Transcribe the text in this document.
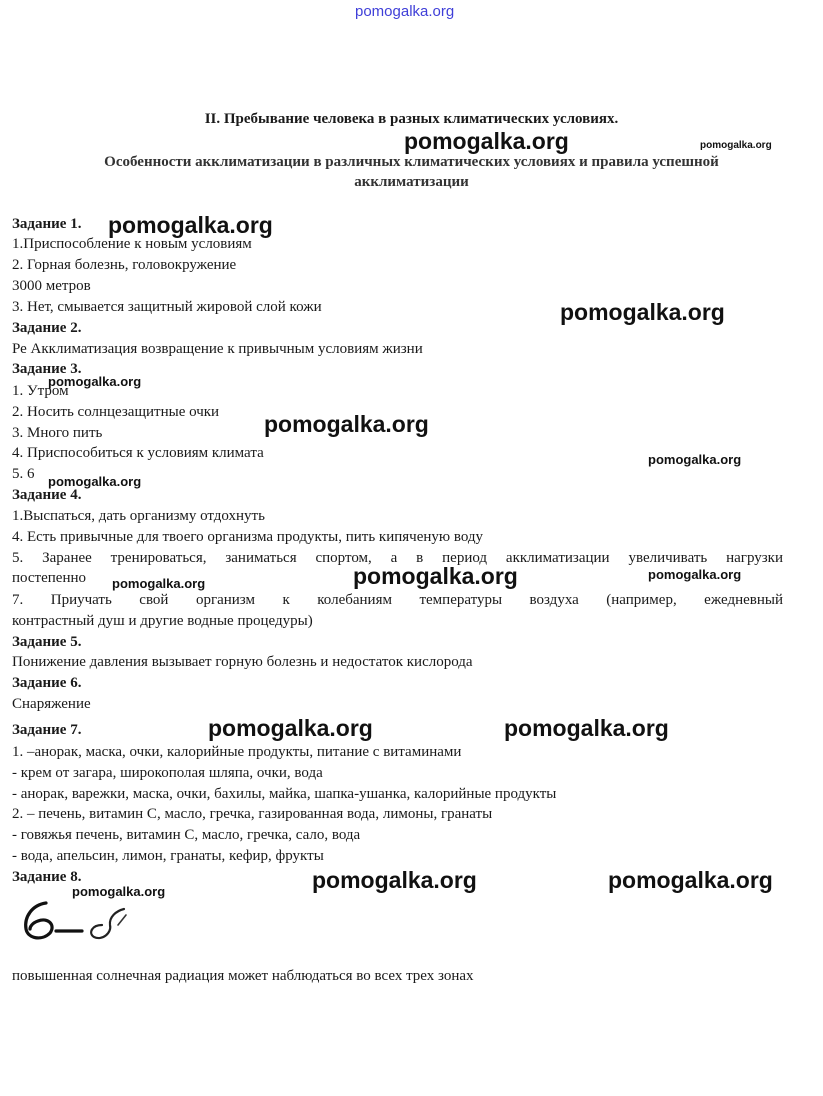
pomogalka.org
II. Пребывание человека в разных климатических условиях.
Особенности акклиматизации в различных климатических условиях и правила успешной
акклиматизации
Задание 1.
1.Приспособление к новым условиям
2. Горная болезнь, головокружение
3000 метров
3. Нет, смывается защитный жировой слой кожи
Задание 2.
Ре Акклиматизация возвращение к привычным условиям жизни
Задание 3.
1. Утром
2. Носить солнцезащитные очки
3. Много пить
4. Приспособиться к условиям климата
5. 6
Задание 4.
1.Выспаться, дать организму отдохнуть
4. Есть привычные для твоего организма продукты, пить кипяченую воду
5. Заранее тренироваться, заниматься спортом, а в период акклиматизации увеличивать нагрузки
постепенно
7. Приучать свой организм к колебаниям температуры воздуха (например, ежедневный
контрастный душ и другие водные процедуры)
Задание 5.
Понижение давления вызывает горную болезнь и недостаток кислорода
Задание 6.
Снаряжение
Задание 7.
1. –анорак, маска, очки, калорийные продукты, питание с витаминами
- крем от загара, широкополая шляпа, очки, вода
- анорак, варежки, маска, очки, бахилы, майка, шапка-ушанка, калорийные продукты
2. – печень, витамин С, масло, гречка, газированная вода, лимоны, гранаты
- говяжья печень, витамин С, масло, гречка, сало, вода
- вода, апельсин, лимон, гранаты, кефир, фрукты
Задание 8.
повышенная солнечная радиация может наблюдаться во всех трех зонах
pomogalka.org	pomogalka.org
pomogalka.org
pomogalka.org
pomogalka.org
pomogalka.org
pomogalka.org
pomogalka.org
pomogalka.org	pomogalka.org	pomogalka.org
pomogalka.org	pomogalka.org
pomogalka.org	pomogalka.org
pomogalka.org
